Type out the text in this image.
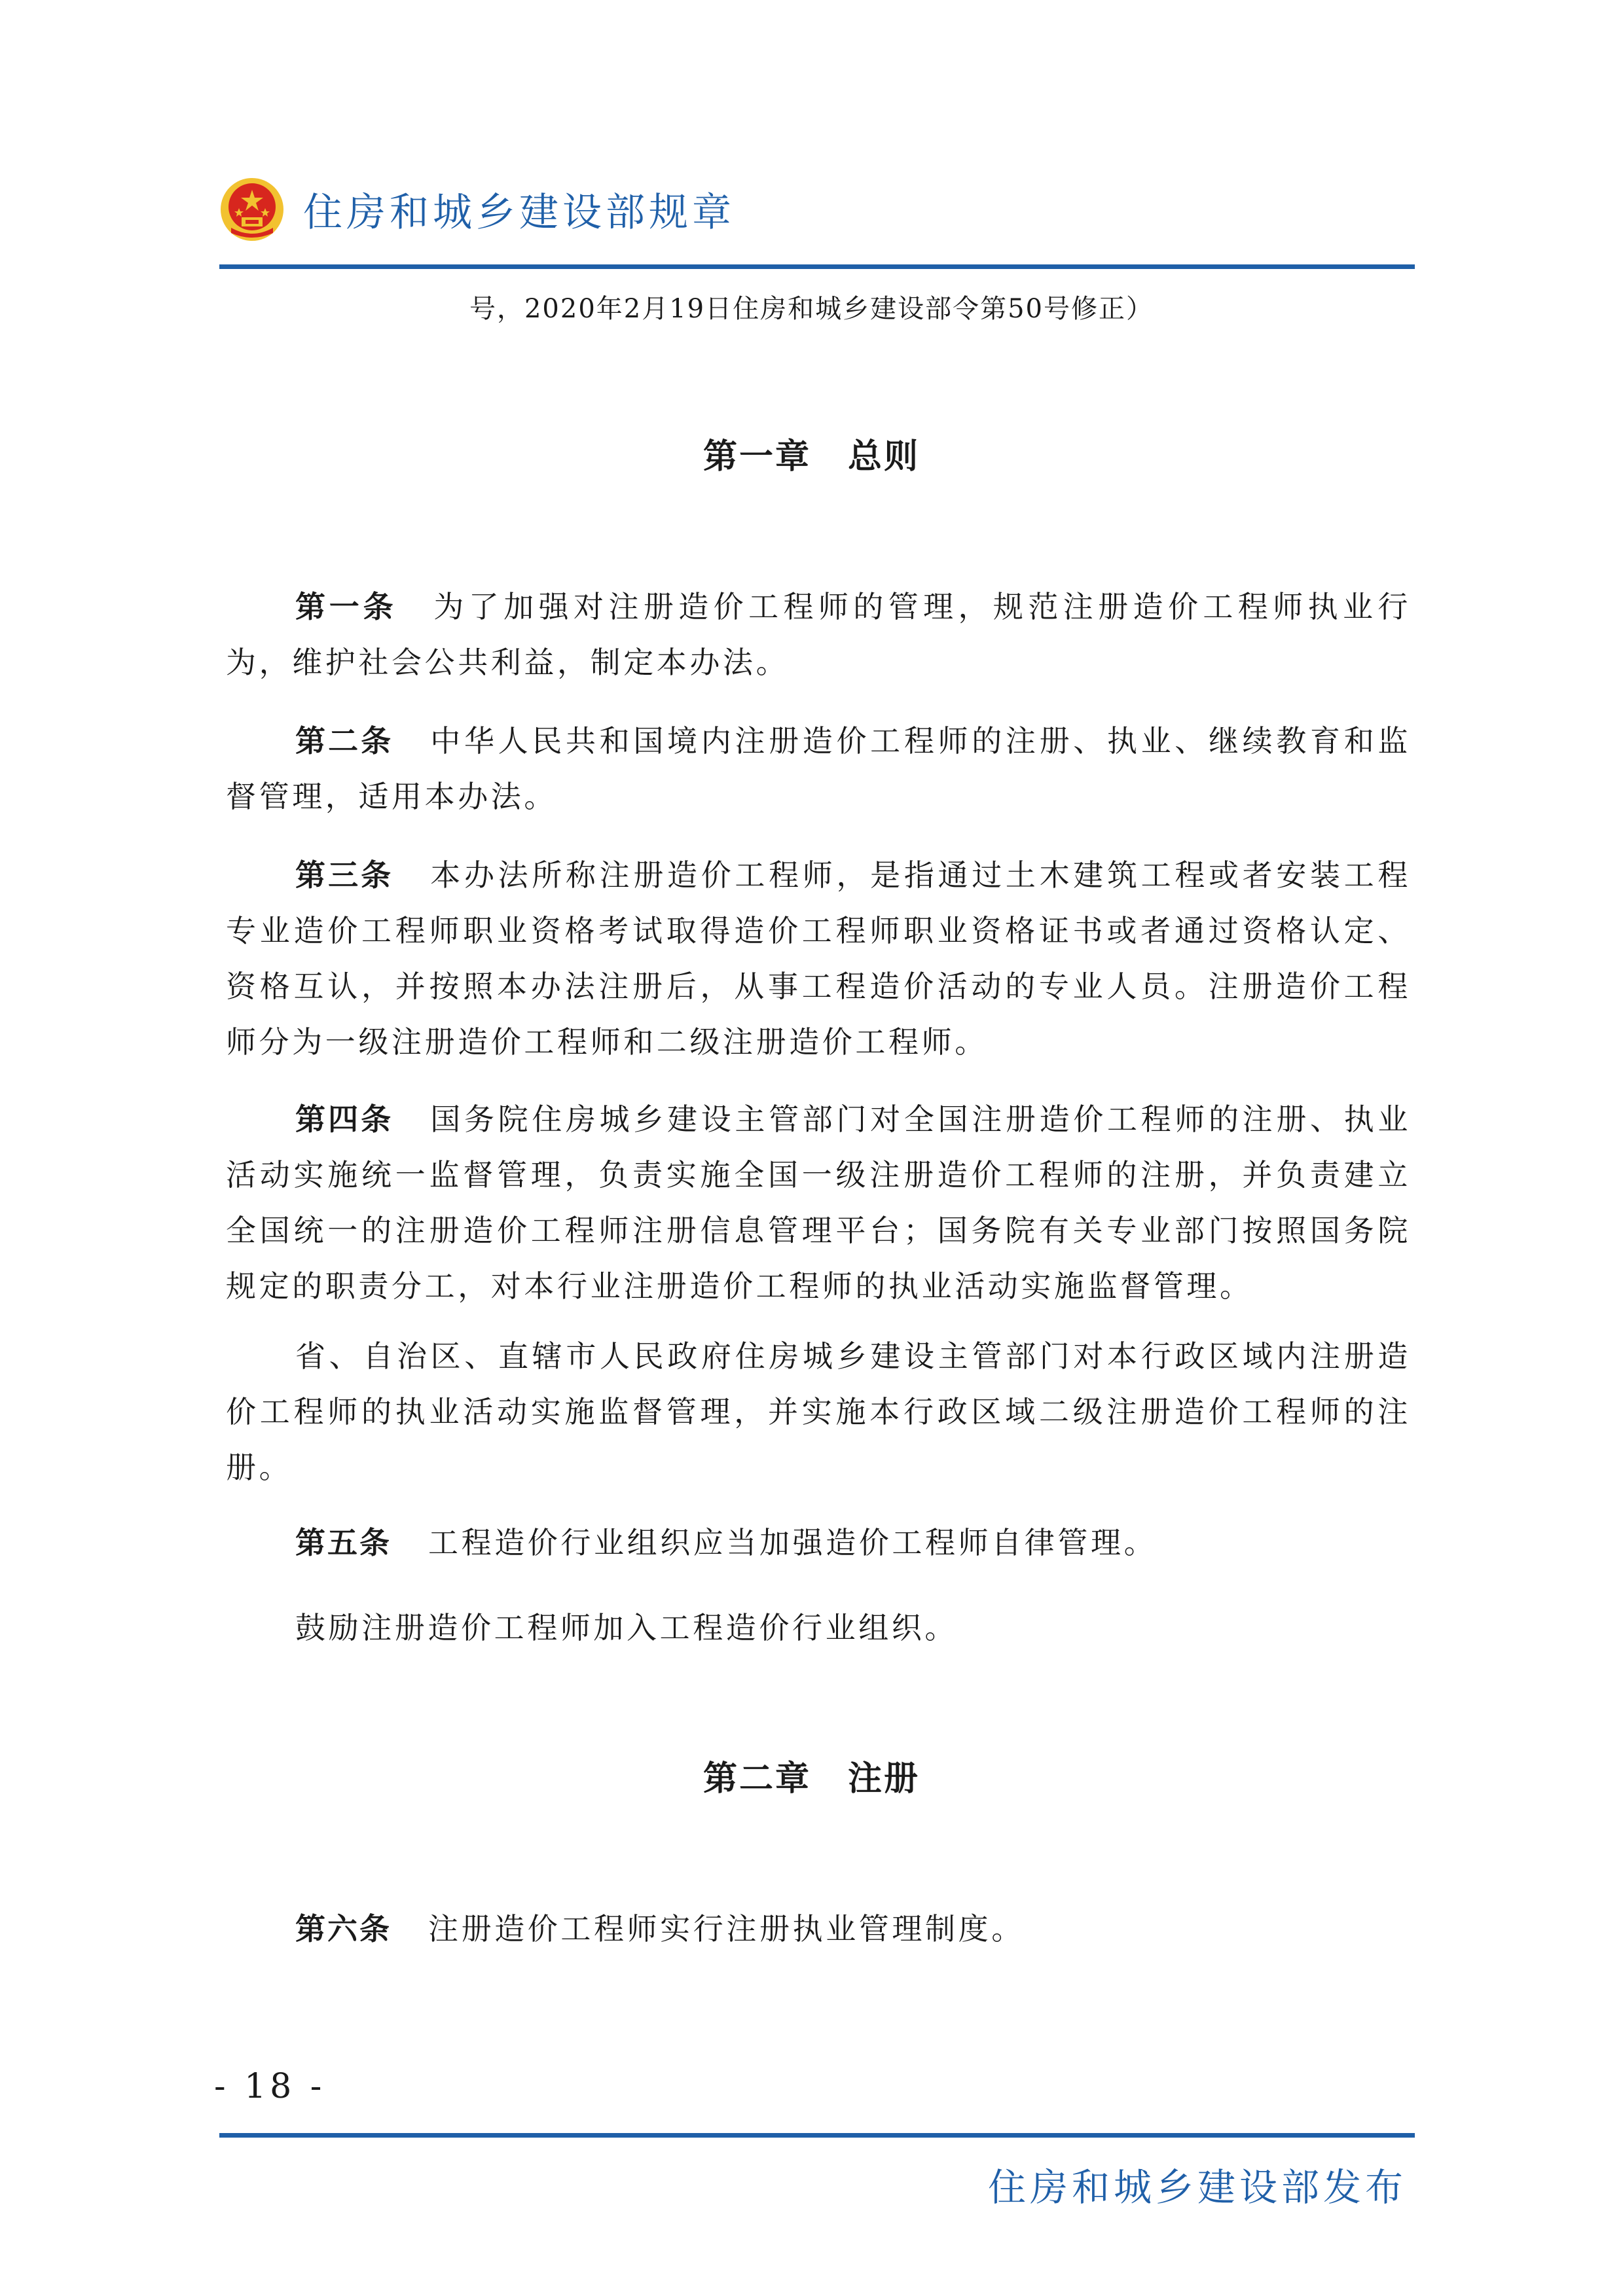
住房和城乡建设部规章
号，2020年2月19日住房和城乡建设部令第50号修正）
第一章 总则

第一条 为了加强对注册造价工程师的管理，规范注册造价工程师执业行为，维护社会公共利益，制定本办法。

第二条 中华人民共和国境内注册造价工程师的注册、执业、继续教育和监督管理，适用本办法。

第三条 本办法所称注册造价工程师，是指通过土木建筑工程或者安装工程专业造价工程师职业资格考试取得造价工程师职业资格证书或者通过资格认定、资格互认，并按照本办法注册后，从事工程造价活动的专业人员。注册造价工程师分为一级注册造价工程师和二级注册造价工程师。

第四条 国务院住房城乡建设主管部门对全国注册造价工程师的注册、执业活动实施统一监督管理，负责实施全国一级注册造价工程师的注册，并负责建立全国统一的注册造价工程师注册信息管理平台；国务院有关专业部门按照国务院规定的职责分工，对本行业注册造价工程师的执业活动实施监督管理。

省、自治区、直辖市人民政府住房城乡建设主管部门对本行政区域内注册造价工程师的执业活动实施监督管理，并实施本行政区域二级注册造价工程师的注册。

第五条 工程造价行业组织应当加强造价工程师自律管理。

鼓励注册造价工程师加入工程造价行业组织。

第二章 注册

第六条 注册造价工程师实行注册执业管理制度。

- 18 -
住房和城乡建设部发布
